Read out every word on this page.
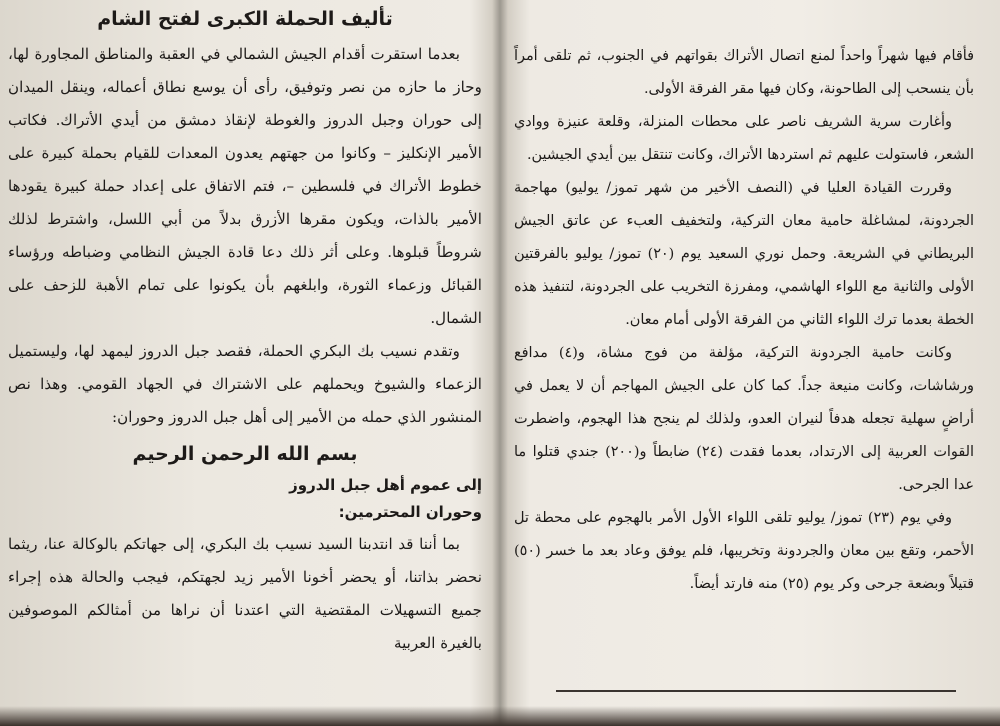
تأليف الحملة الكبرى لفتح الشام

بعدما استقرت أقدام الجيش الشمالي في العقبة والمناطق المجاورة لها، وحاز ما حازه من نصر وتوفيق، رأى أن يوسع نطاق أعماله، وينقل الميدان إلى حوران وجبل الدروز والغوطة لإنقاذ دمشق من أيدي الأتراك. فكاتب الأمير الإنكليز – وكانوا من جهتهم يعدون المعدات للقيام بحملة كبيرة على خطوط الأتراك في فلسطين –، فتم الاتفاق على إعداد حملة كبيرة يقودها الأمير بالذات، ويكون مقرها الأزرق بدلاً من أبي اللسل، واشترط لذلك شروطاً قبلوها. وعلى أثر ذلك دعا قادة الجيش النظامي وضباطه ورؤساء القبائل وزعماء الثورة، وابلغهم بأن يكونوا على تمام الأهبة للزحف على الشمال.

وتقدم نسيب بك البكري الحملة، فقصد جبل الدروز ليمهد لها، وليستميل الزعماء والشيوخ ويحملهم على الاشتراك في الجهاد القومي. وهذا نص المنشور الذي حمله من الأمير إلى أهل جبل الدروز وحوران:

بسم الله الرحمن الرحيم
إلى عموم أهل جبل الدروز
وحوران المحترمين:

بما أننا قد انتدبنا السيد نسيب بك البكري، إلى جهاتكم بالوكالة عنا، ريثما نحضر بذاتنا، أو يحضر أخونا الأمير زيد لجهتكم، فيجب والحالة هذه إجراء جميع التسهيلات المقتضية التي اعتدنا أن نراها من أمثالكم الموصوفين بالغيرة العربية

فأقام فيها شهراً واحداً لمنع اتصال الأتراك بقواتهم في الجنوب، ثم تلقى أمراً بأن ينسحب إلى الطاحونة، وكان فيها مقر الفرقة الأولى.

وأغارت سرية الشريف ناصر على محطات المنزلة، وقلعة عنيزة ووادي الشعر، فاستولت عليهم ثم استردها الأتراك، وكانت تنتقل بين أيدي الجيشين.

وقررت القيادة العليا في (النصف الأخير من شهر تموز/ يوليو) مهاجمة الجردونة، لمشاغلة حامية معان التركية، ولتخفيف العبء عن عاتق الجيش البريطاني في الشريعة. وحمل نوري السعيد يوم (٢٠) تموز/ يوليو بالفرقتين الأولى والثانية مع اللواء الهاشمي، ومفرزة التخريب على الجردونة، لتنفيذ هذه الخطة بعدما ترك اللواء الثاني من الفرقة الأولى أمام معان.

وكانت حامية الجردونة التركية، مؤلفة من فوج مشاة، و(٤) مدافع ورشاشات، وكانت منيعة جداً. كما كان على الجيش المهاجم أن لا يعمل في أراضٍ سهلية تجعله هدفاً لنيران العدو، ولذلك لم ينجح هذا الهجوم، واضطرت القوات العربية إلى الارتداد، بعدما فقدت (٢٤) ضابطاً و(٢٠٠) جندي قتلوا ما عدا الجرحى.

وفي يوم (٢٣) تموز/ يوليو تلقى اللواء الأول الأمر بالهجوم على محطة تل الأحمر، وتقع بين معان والجردونة وتخريبها، فلم يوفق وعاد بعد ما خسر (٥٠) قتيلاً وبضعة جرحى وكر يوم (٢٥) منه فارتد أيضاً.
